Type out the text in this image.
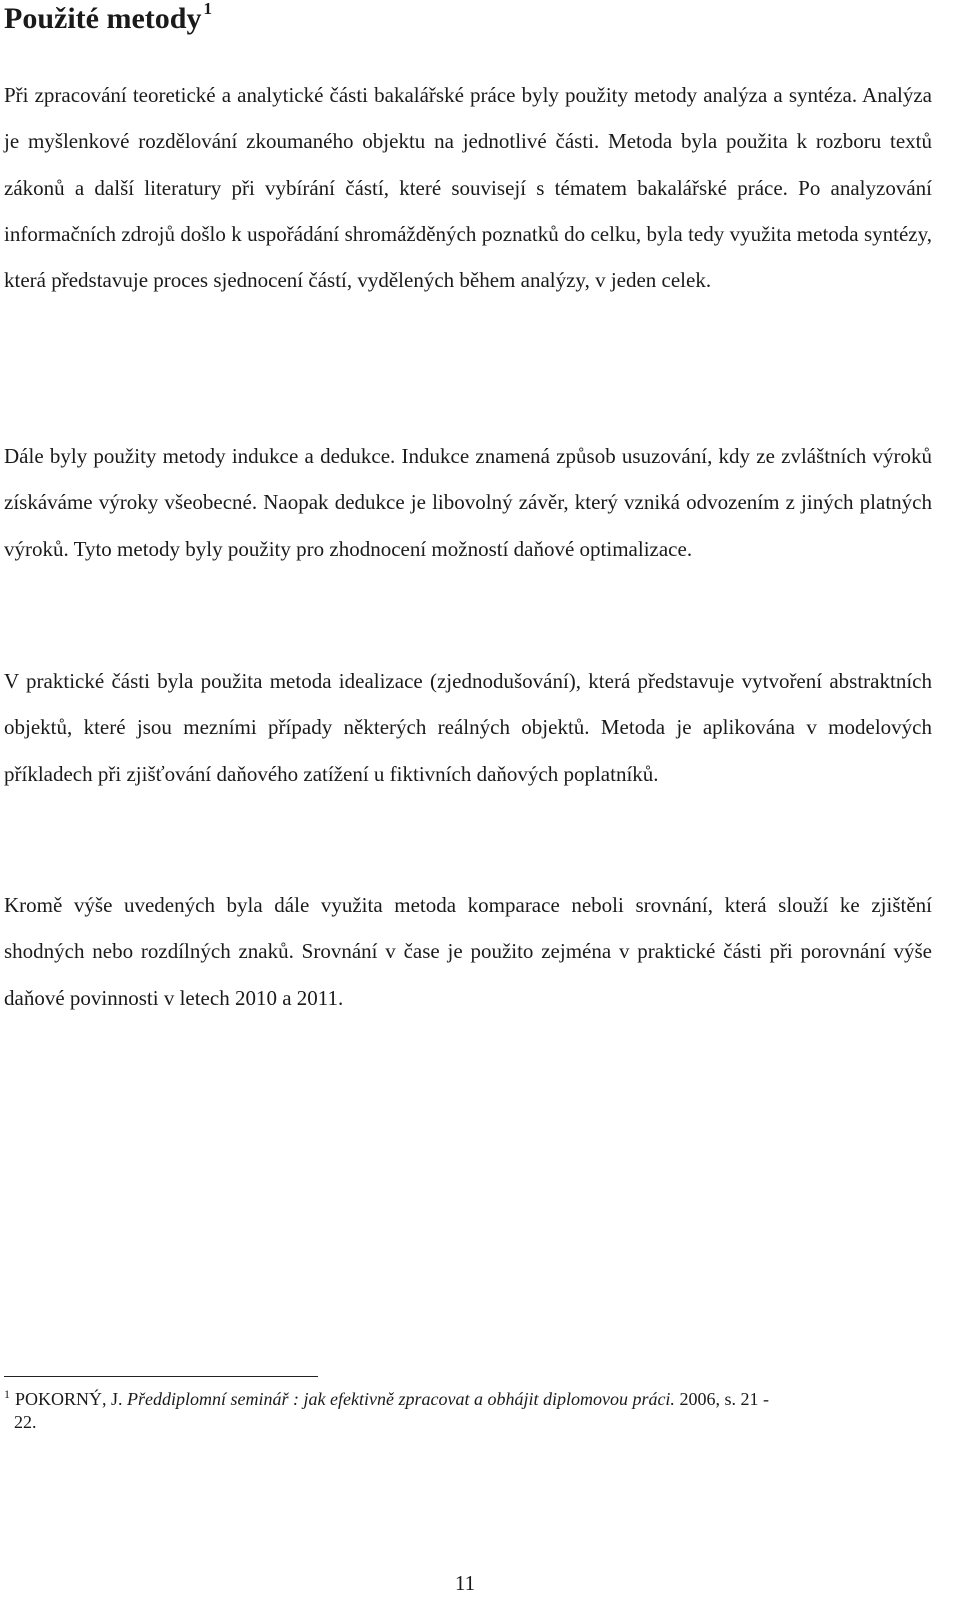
Použité metody $^1$

Při zpracování teoretické a analytické části bakalářské práce byly použity metody analýza a syntéza. Analýza je myšlenkové rozdělování zkoumaného objektu na jednotlivé části. Metoda byla použita k rozboru textů zákonů a další literatury při vybírání částí, které souvisejí s tématem bakalářské práce. Po analyzování informačních zdrojů došlo k uspořádání shromážděných poznatků do celku, byla tedy využita metoda syntézy, která představuje proces sjednocení částí, vydělených během analýzy, v jeden celek.

Dále byly použity metody indukce a dedukce. Indukce znamená způsob usuzování, kdy ze zvláštních výroků získáváme výroky všeobecné. Naopak dedukce je libovolný závěr, který vzniká odvozením z jiných platných výroků. Tyto metody byly použity pro zhodnocení možností daňové optimalizace.

V praktické části byla použita metoda idealizace (zjednodušování), která představuje vytvoření abstraktních objektů, které jsou mezními případy některých reálných objektů. Metoda je aplikována v modelových příkladech při zjišťování daňového zatížení u fiktivních daňových poplatníků.

Kromě výše uvedených byla dále využita metoda komparace neboli srovnání, která slouží ke zjištění shodných nebo rozdílných znaků. Srovnání v čase je použito zejména v praktické části při porovnání výše daňové povinnosti v letech 2010 a 2011.

$^1$ POKORNÝ, J. Předdiplomní seminář : jak efektivně zpracovat a obhájit diplomovou práci. 2006, s. 21 -
22.

11
